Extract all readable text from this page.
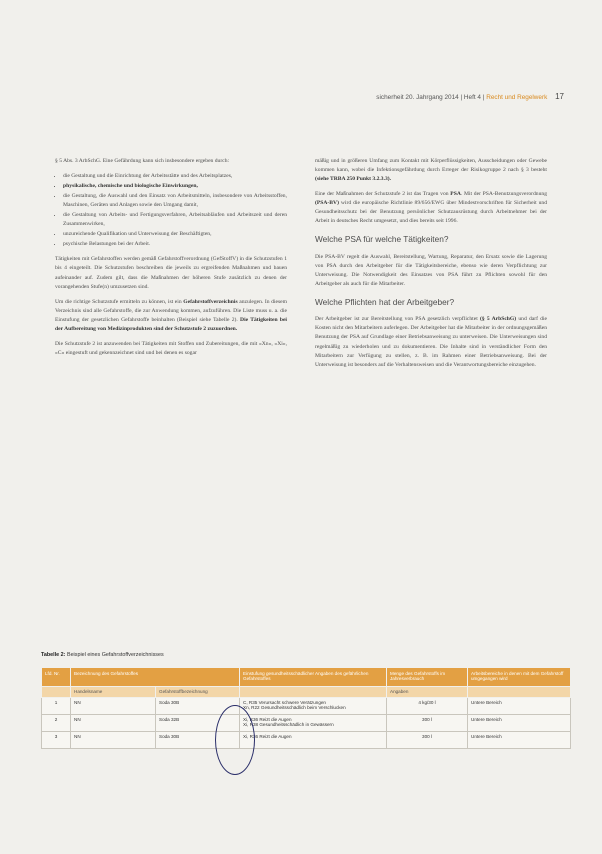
sicherheit 20. Jahrgang 2014 | Heft 4 | Recht und Regelwerk 17

§ 5 Abs. 3 ArbSchG. Eine Gefährdung kann sich insbesondere ergeben durch:

• die Gestaltung und die Einrichtung der Arbeitsstätte und des Arbeitsplatzes,
• physikalische, chemische und biologische Einwirkungen,
• die Gestaltung, die Auswahl und den Einsatz von Arbeitsmitteln, insbesondere von Arbeitsstoffen, Maschinen, Geräten und Anlagen sowie den Umgang damit,
• die Gestaltung von Arbeits- und Fertigungsverfahren, Arbeitsabläufen und Arbeitszeit und deren Zusammenwirken,
• unzureichende Qualifikation und Unterweisung der Beschäftigten,
• psychische Belastungen bei der Arbeit.

Tätigkeiten mit Gefahrstoffen werden gemäß Gefahrstoffverordnung (GefStoffV) in die Schutzstufen 1 bis 4 eingeteilt. Die Schutzstufen beschreiben die jeweils zu ergreifenden Maßnahmen und bauen aufeinander auf. Zudem gilt, dass die Maßnahmen der höheren Stufe zusätzlich zu denen der vorangehenden Stufe(n) umzusetzen sind.

Um die richtige Schutzstufe ermitteln zu können, ist ein Gefahrstoffverzeichnis anzulegen. In diesem Verzeichnis sind alle Gefahrstoffe, die zur Anwendung kommen, aufzuführen. Die Liste muss u. a. die Einstufung der gesetzlichen Gefahrstoffe beinhalten (Beispiel siehe Tabelle 2). Die Tätigkeiten bei der Aufbereitung von Medizinprodukten sind der Schutzstufe 2 zuzuordnen.

Die Schutzstufe 2 ist anzuwenden bei Tätigkeiten mit Stoffen und Zubereitungen, die mit »Xn«, »Xi«, »C« eingestuft und gekennzeichnet sind und bei denen es sogar

mäßig und in größeren Umfang zum Kontakt mit Körperflüssigkeiten, Ausscheidungen oder Gewebe kommen kann, wobei die Infektionsgefährdung durch Erreger der Risikogruppe 2 nach § 3 besteht (siehe TRBA 250 Punkt 3.2.3.3).

Eine der Maßnahmen der Schutzstufe 2 ist das Tragen von PSA. Mit der PSA-Benutzungsverordnung (PSA-BV) wird die europäische Richtlinie 89/656/EWG über Mindestvorschriften für Sicherheit und Gesundheitsschutz bei der Benutzung persönlicher Schutzausrüstung durch Arbeitnehmer bei der Arbeit in deutsches Recht umgesetzt, und dies bereits seit 1996.

Welche PSA für welche Tätigkeiten?

Die PSA-BV regelt die Auswahl, Bereitstellung, Wartung, Reparatur, den Ersatz sowie die Lagerung von PSA durch den Arbeitgeber für die Tätigkeitsbereiche, ebenso wie deren Verpflichtung zur Unterweisung. Die Notwendigkeit des Einsatzes von PSA führt zu Pflichten sowohl für den Arbeitgeber als auch für die Mitarbeiter.

Welche Pflichten hat der Arbeitgeber?

Der Arbeitgeber ist zur Bereitstellung von PSA gesetzlich verpflichtet (§ 5 ArbSchG) und darf die Kosten nicht den Mitarbeitern auferlegen. Der Arbeitgeber hat die Mitarbeiter in der ordnungsgemäßen Benutzung der PSA auf Grundlage einer Betriebsanweisung zu unterweisen. Die Unterweisungen sind regelmäßig zu wiederholen und zu dokumentieren. Die Inhalte sind in verständlicher Form den Mitarbeitern zur Verfügung zu stellen, z. B. im Rahmen einer Betriebsanweisung. Bei der Unterweisung ist besonders auf die Verhaltensweisen und die Verantwortungsbereiche einzugehen.

Tabelle 2: Beispiel eines Gefahrstoffverzeichnisses
Lfd. Nr.	Bezeichnung des Gefahrstoffes		Einstufung gesundheitsschädlicher Angaben des gefährlichen Gefahrstoffes	Menge des Gefahrstoffs im Jahresverbrauch	Arbeitsbereiche in denen mit dem Gefahrstoff umgegangen wird
	Handelsname	Gefahrstoffbezeichnung		Angaben	
1	NN	Soda 30B	C, R35 Verursacht schwere Verätzungen
Xn, R22 Gesundheitsschädlich beim Verschlucken	4 kg/30 l	Untere Bereich
2	NN	Soda 32B	Xi, R36 Reizt die Augen
Xi, R38 Gesundheitsschädlich in Gewässern	300 l	Untere Bereich
3	NN	Soda 30B	Xi, R36 Reizt die Augen	300 l	Untere Bereich
